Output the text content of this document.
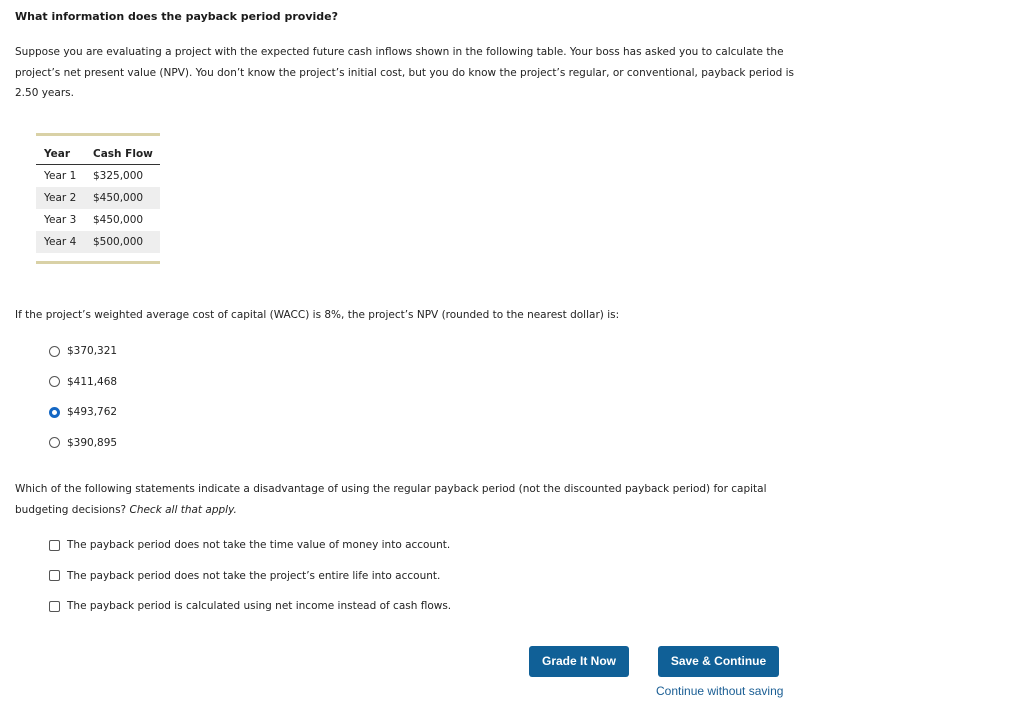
What information does the payback period provide?
Suppose you are evaluating a project with the expected future cash inflows shown in the following table. Your boss has asked you to calculate the project’s net present value (NPV). You don’t know the project’s initial cost, but you do know the project’s regular, or conventional, payback period is 2.50 years.
Year	Cash Flow

Year 1	$325,000
Year 2	$450,000
Year 3	$450,000
Year 4	$500,000

If the project’s weighted average cost of capital (WACC) is 8%, the project’s NPV (rounded to the nearest dollar) is:
$370,321
$411,468
$493,762
$390,895
Which of the following statements indicate a disadvantage of using the regular payback period (not the discounted payback period) for capital budgeting decisions? Check all that apply.
The payback period does not take the time value of money into account.
The payback period does not take the project’s entire life into account.
The payback period is calculated using net income instead of cash flows.
Grade It Now	Save & Continue
Continue without saving
